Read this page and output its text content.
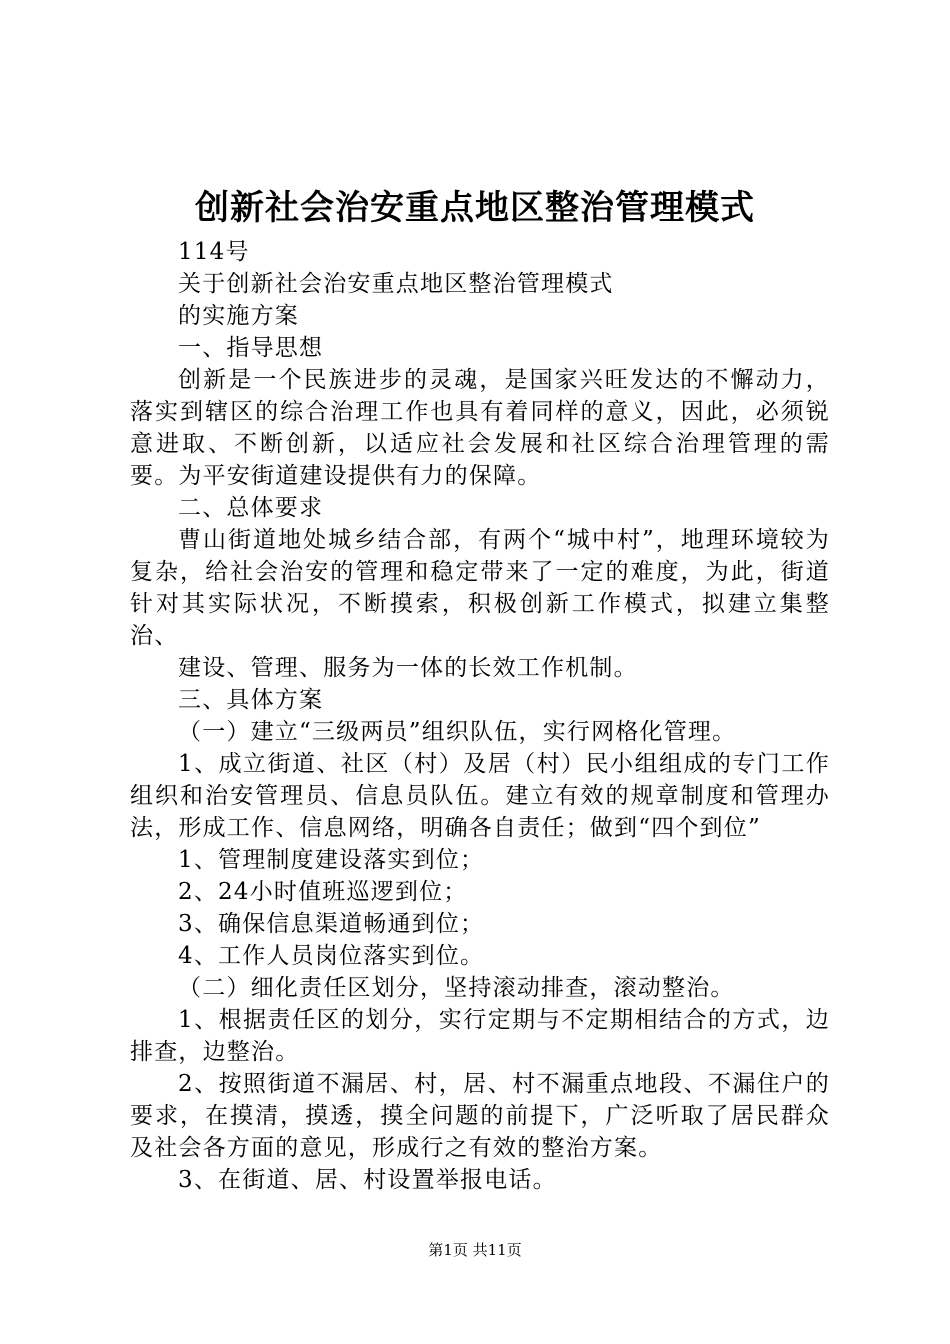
创新社会治安重点地区整治管理模式

114号

关于创新社会治安重点地区整治管理模式

的实施方案

一、指导思想

创新是一个民族进步的灵魂，是国家兴旺发达的不懈动力，落实到辖区的综合治理工作也具有着同样的意义，因此，必须锐意进取、不断创新，以适应社会发展和社区综合治理管理的需要。为平安街道建设提供有力的保障。

二、总体要求

曹山街道地处城乡结合部，有两个“城中村”，地理环境较为复杂，给社会治安的管理和稳定带来了一定的难度，为此，街道针对其实际状况，不断摸索，积极创新工作模式，拟建立集整治、

建设、管理、服务为一体的长效工作机制。

三、具体方案

（一）建立“三级两员”组织队伍，实行网格化管理。

1、成立街道、社区（村）及居（村）民小组组成的专门工作组织和治安管理员、信息员队伍。建立有效的规章制度和管理办法，形成工作、信息网络，明确各自责任；做到“四个到位”

1、管理制度建设落实到位；

2、24小时值班巡逻到位；

3、确保信息渠道畅通到位；

4、工作人员岗位落实到位。

（二）细化责任区划分，坚持滚动排查，滚动整治。

1、根据责任区的划分，实行定期与不定期相结合的方式，边排查，边整治。

2、按照街道不漏居、村，居、村不漏重点地段、不漏住户的要求，在摸清，摸透，摸全问题的前提下，广泛听取了居民群众及社会各方面的意见，形成行之有效的整治方案。

3、在街道、居、村设置举报电话。

第1页 共11页
